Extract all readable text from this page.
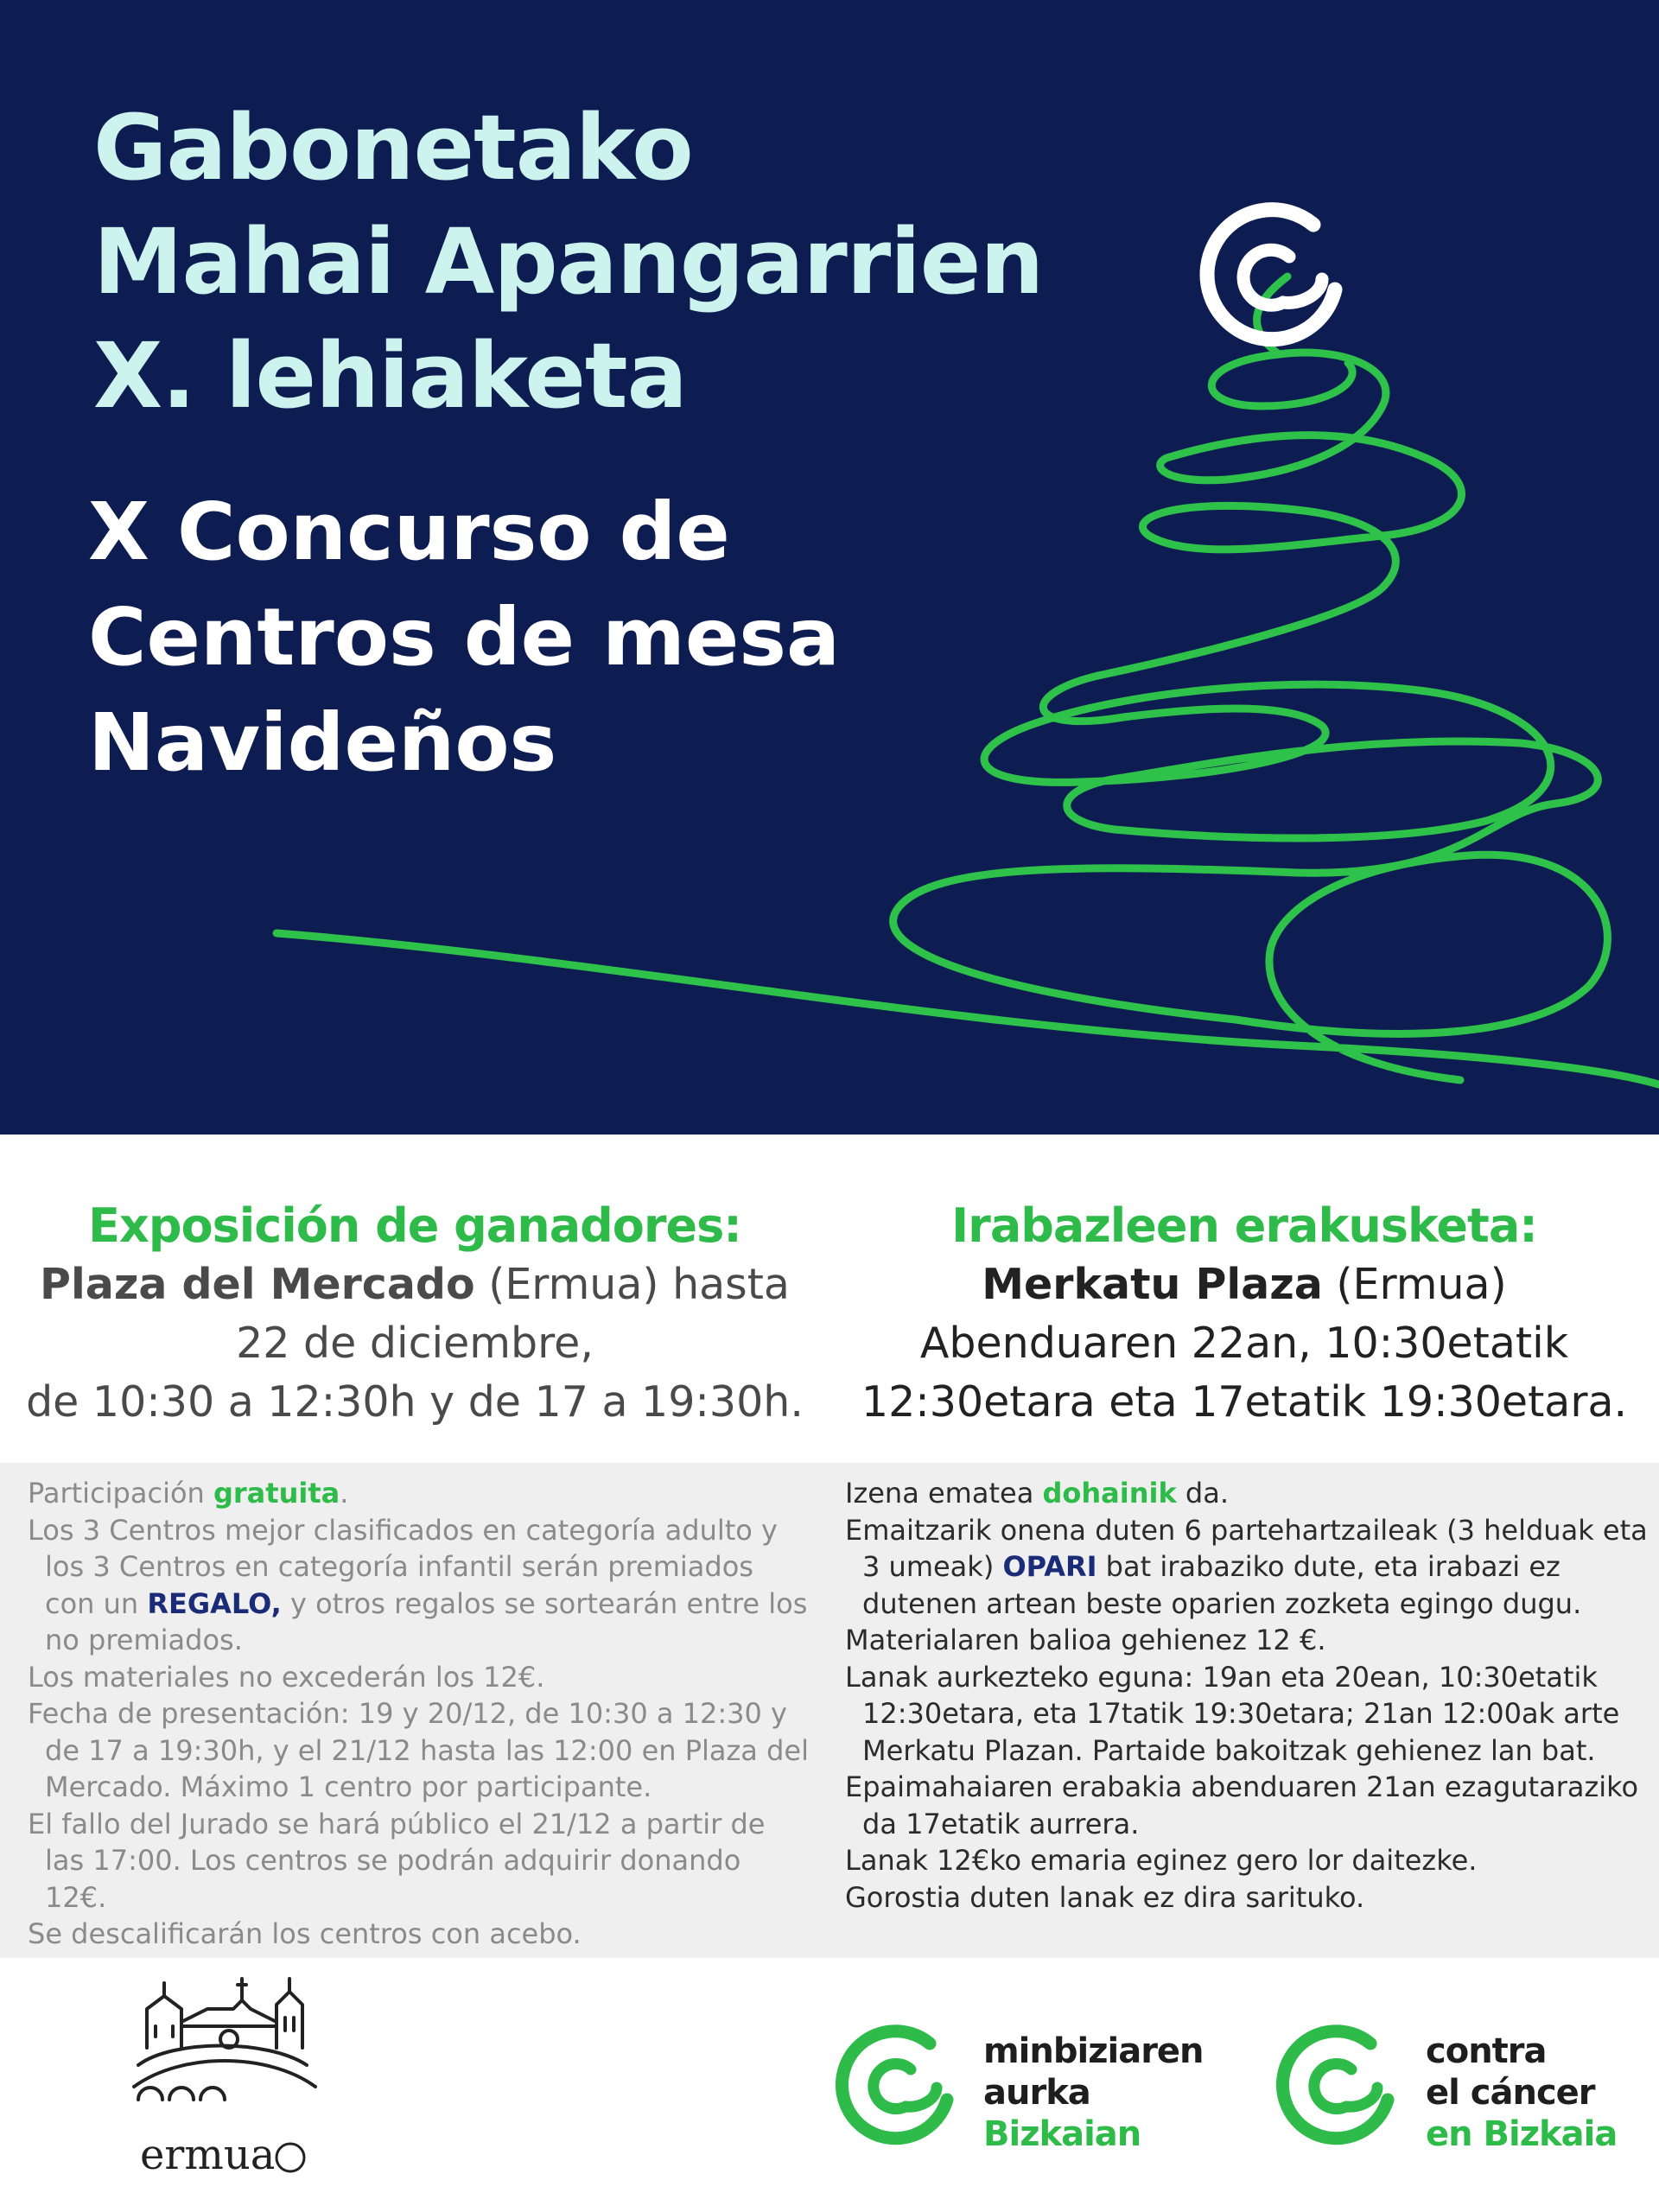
Gabonetako

Mahai Apangarrien

X. lehiaketa

X Concurso de

Centros de mesa

Navideños

Exposición de ganadores:
Plaza del Mercado (Ermua) hasta
22 de diciembre,
de 10:30 a 12:30h y de 17 a 19:30h.
Irabazleen erakusketa:
Merkatu Plaza (Ermua)
Abenduaren 22an, 10:30etatik
12:30etara eta 17etatik 19:30etara.

Participación gratuita.

Los 3 Centros mejor clasificados en categoría adulto y los 3 Centros en categoría infantil serán premiados con un REGALO, y otros regalos se sortearán entre los no premiados.

Los materiales no excederán los 12€.

Fecha de presentación: 19 y 20/12, de 10:30 a 12:30 y de 17 a 19:30h, y el 21/12 hasta las 12:00 en Plaza del Mercado. Máximo 1 centro por participante.

El fallo del Jurado se hará público el 21/12 a partir de las 17:00. Los centros se podrán adquirir donando 12€.

Se descalificarán los centros con acebo.

Izena ematea dohainik da.

Emaitzarik onena duten 6 partehartzaileak (3 helduak eta 3 umeak) OPARI bat irabaziko dute, eta irabazi ez dutenen artean beste oparien zozketa egingo dugu.

Materialaren balioa gehienez 12 €.

Lanak aurkezteko eguna: 19an eta 20ean, 10:30etatik 12:30etara, eta 17tatik 19:30etara; 21an 12:00ak arte Merkatu Plazan. Partaide bakoitzak gehienez lan bat.

Epaimahaiaren erabakia abenduaren 21an ezagutaraziko da 17etatik aurrera.

Lanak 12€ko emaria eginez gero lor daitezke.

Gorostia duten lanak ez dira sarituko.

ermua
minbiziaren
aurka
Bizkaian
contra
el cáncer
en Bizkaia
